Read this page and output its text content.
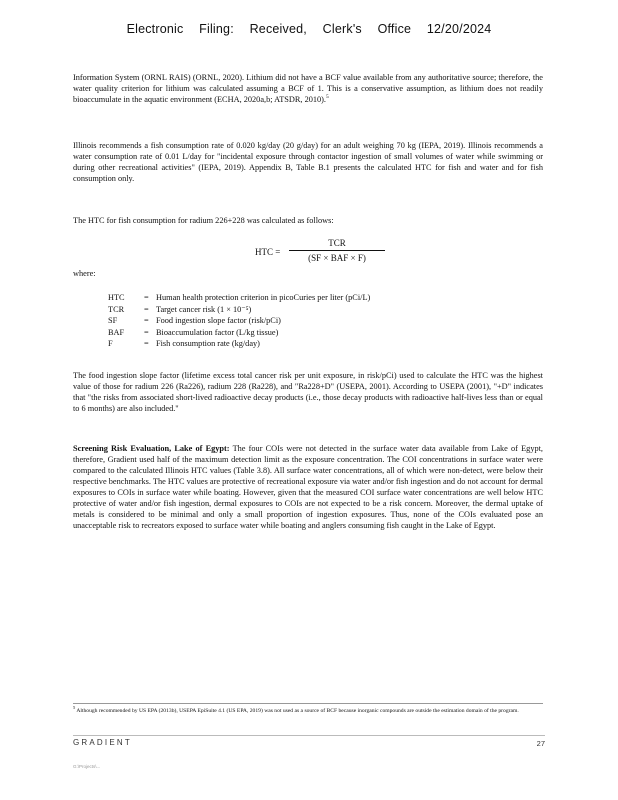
Electronic Filing: Received, Clerk's Office 12/20/2024

Information System (ORNL RAIS) (ORNL, 2020). Lithium did not have a BCF value available from any authoritative source; therefore, the water quality criterion for lithium was calculated assuming a BCF of 1. This is a conservative assumption, as lithium does not readily bioaccumulate in the aquatic environment (ECHA, 2020a,b; ATSDR, 2010).$^5$

Illinois recommends a fish consumption rate of 0.020 kg/day (20 g/day) for an adult weighing 70 kg (IEPA, 2019). Illinois recommends a water consumption rate of 0.01 L/day for "incidental exposure through contactor ingestion of small volumes of water while swimming or during other recreational activities" (IEPA, 2019). Appendix B, Table B.1 presents the calculated HTC for fish and water and for fish consumption only.

The HTC for fish consumption for radium 226+228 was calculated as follows:

HTC =
TCR
(SF × BAF × F)

where:

HTC	= Human health protection criterion in picoCuries per liter (pCi/L)
TCR	= Target cancer risk (1 × 10⁻⁵)
SF	= Food ingestion slope factor (risk/pCi)
BAF	= Bioaccumulation factor (L/kg tissue)
F	= Fish consumption rate (kg/day)

The food ingestion slope factor (lifetime excess total cancer risk per unit exposure, in risk/pCi) used to calculate the HTC was the highest value of those for radium 226 (Ra226), radium 228 (Ra228), and "Ra228+D" (USEPA, 2001). According to USEPA (2001), "+D" indicates that "the risks from associated short-lived radioactive decay products (i.e., those decay products with radioactive half-lives less than or equal to 6 months) are also included."

Screening Risk Evaluation, Lake of Egypt: The four COIs were not detected in the surface water data available from Lake of Egypt, therefore, Gradient used half of the maximum detection limit as the exposure concentration. The COI concentrations in surface water were compared to the calculated Illinois HTC values (Table 3.8). All surface water concentrations, all of which were non-detect, were below their respective benchmarks. The HTC values are protective of recreational exposure via water and/or fish ingestion and do not account for dermal exposures to COIs in surface water while boating. However, given that the measured COI surface water concentrations are well below HTC protective of water and/or fish ingestion, dermal exposures to COIs are not expected to be a risk concern. Moreover, the dermal uptake of metals is considered to be minimal and only a small proportion of ingestion exposures. Thus, none of the COIs evaluated pose an unacceptable risk to recreators exposed to surface water while boating and anglers consuming fish caught in the Lake of Egypt.

$^5$ Although recommended by US EPA (2013b), USEPA EpiSuite 4.1 (US EPA, 2019) was not used as a source of BCF because inorganic compounds are outside the estimation domain of the program.
GRADIENT	27
G:\Projects\...
